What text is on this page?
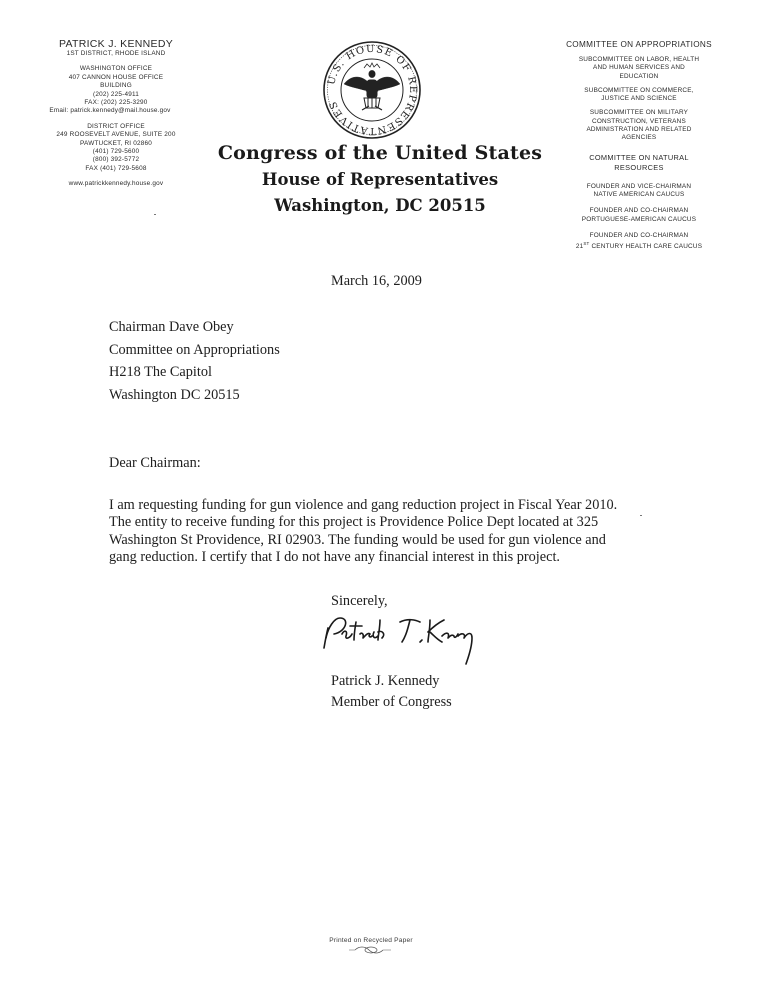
PATRICK J. KENNEDY
1ST DISTRICT, RHODE ISLAND
WASHINGTON OFFICE
407 CANNON HOUSE OFFICE
BUILDING
(202) 225-4911
FAX: (202) 225-3290
Email: patrick.kennedy@mail.house.gov
DISTRICT OFFICE
249 ROOSEVELT AVENUE, SUITE 200
PAWTUCKET, RI 02860
(401) 729-5600
(800) 392-5772
FAX (401) 729-5608
www.patrickkennedy.house.gov
U.S. HOUSE OF REPRESENTATIVES
Congress of the United States
House of Representatives
Washington, DC 20515
COMMITTEE ON APPROPRIATIONS
SUBCOMMITTEE ON LABOR, HEALTH
AND HUMAN SERVICES AND
EDUCATION
SUBCOMMITTEE ON COMMERCE,
JUSTICE AND SCIENCE
SUBCOMMITTEE ON MILITARY
CONSTRUCTION, VETERANS
ADMINISTRATION AND RELATED
AGENCIES
COMMITTEE ON NATURAL
RESOURCES
FOUNDER AND VICE-CHAIRMAN
NATIVE AMERICAN CAUCUS
FOUNDER AND CO-CHAIRMAN
PORTUGUESE-AMERICAN CAUCUS
FOUNDER AND CO-CHAIRMAN
21ST CENTURY HEALTH CARE CAUCUS
March 16, 2009
Chairman Dave Obey
Committee on Appropriations
H218 The Capitol
Washington DC 20515
Dear Chairman:
I am requesting funding for gun violence and gang reduction project in Fiscal Year 2010.
The entity to receive funding for this project is Providence Police Dept located at 325
Washington St Providence, RI 02903. The funding would be used for gun violence and
gang reduction. I certify that I do not have any financial interest in this project.
Sincerely,
Patrick J. Kennedy
Member of Congress
Printed on Recycled Paper
